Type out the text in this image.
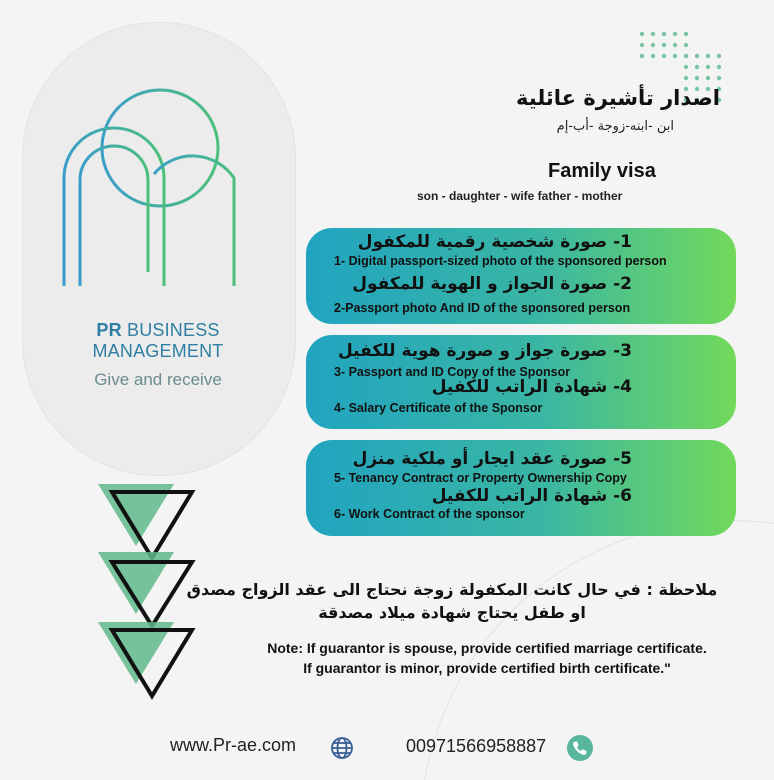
PR BUSINESS MANAGEMENT
Give and receive
اصدار تأشيرة عائلية
ابن -ابنه-زوجة -أب-إم
Family visa
son - daughter - wife father - mother
1- صورة شخصية رقمية للمكفول
1- Digital passport-sized photo of the sponsored person
2- صورة الجواز و الهوية للمكفول
2-Passport photo And ID of the sponsored person
3- صورة جواز و صورة هوية للكفيل
3- Passport and ID Copy of the Sponsor
4- شهادة الراتب للكفيل
4- Salary Certificate of the Sponsor
5- صورة عقد ايجار أو ملكية منزل
5- Tenancy Contract or Property Ownership Copy
6- شهادة الراتب للكفيل
6- Work Contract of the sponsor
ملاحظة : في حال كانت المكفولة زوجة نحتاج الى عقد الزواج مصدق
او طفل يحتاج شهادة ميلاد مصدقة
Note: If guarantor is spouse, provide certified marriage certificate.
If guarantor is minor, provide certified birth certificate."
www.Pr-ae.com	00971566958887
